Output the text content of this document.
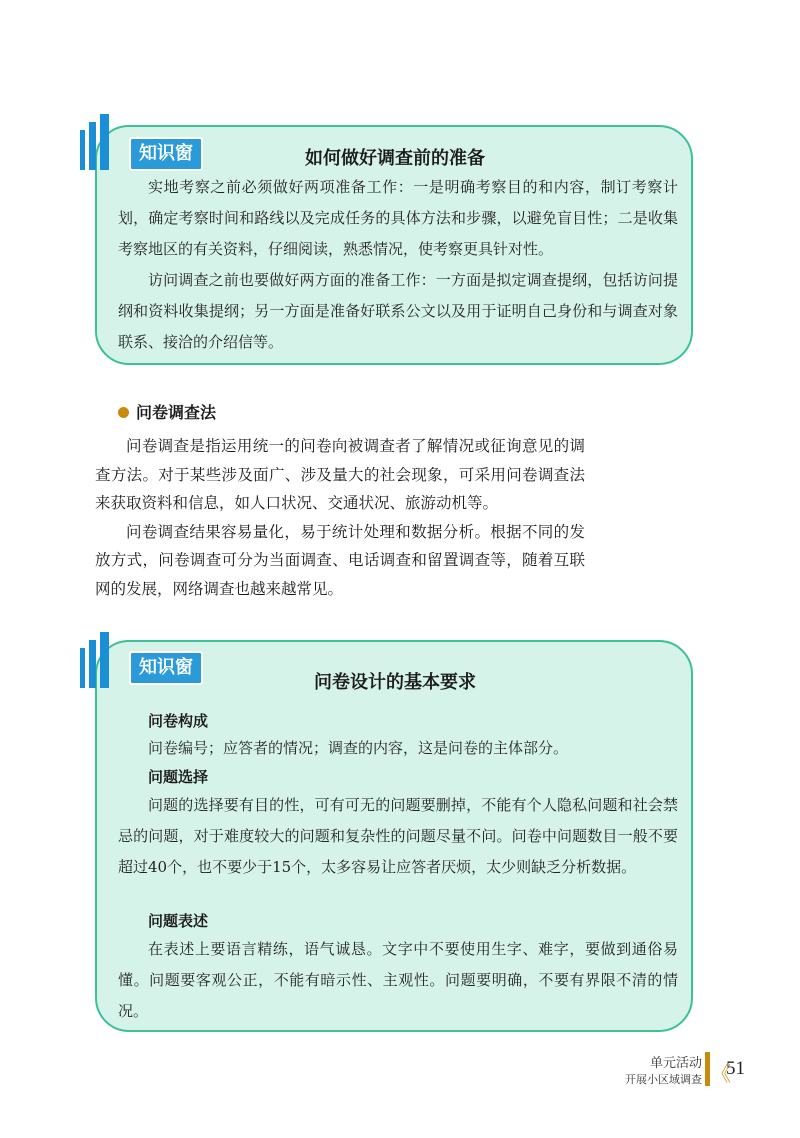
知识窗	如何做好调查前的准备

实地考察之前必须做好两项准备工作：一是明确考察目的和内容，制订考察计划，确定考察时间和路线以及完成任务的具体方法和步骤，以避免盲目性；二是收集考察地区的有关资料，仔细阅读，熟悉情况，使考察更具针对性。

访问调查之前也要做好两方面的准备工作：一方面是拟定调查提纲，包括访问提纲和资料收集提纲；另一方面是准备好联系公文以及用于证明自己身份和与调查对象联系、接洽的介绍信等。

问卷调查法

问卷调查是指运用统一的问卷向被调查者了解情况或征询意见的调查方法。对于某些涉及面广、涉及量大的社会现象，可采用问卷调查法来获取资料和信息，如人口状况、交通状况、旅游动机等。

问卷调查结果容易量化，易于统计处理和数据分析。根据不同的发放方式，问卷调查可分为当面调查、电话调查和留置调查等，随着互联网的发展，网络调查也越来越常见。

知识窗
问卷设计的基本要求
问卷构成

问卷编号；应答者的情况；调查的内容，这是问卷的主体部分。

问题选择

问题的选择要有目的性，可有可无的问题要删掉，不能有个人隐私问题和社会禁忌的问题，对于难度较大的问题和复杂性的问题尽量不问。问卷中问题数目一般不要超过40个，也不要少于15个，太多容易让应答者厌烦，太少则缺乏分析数据。

问题表述

在表述上要语言精练，语气诚恳。文字中不要使用生字、难字，要做到通俗易懂。问题要客观公正，不能有暗示性、主观性。问题要明确，不要有界限不清的情况。

单元活动
开展小区域调查 《 51
